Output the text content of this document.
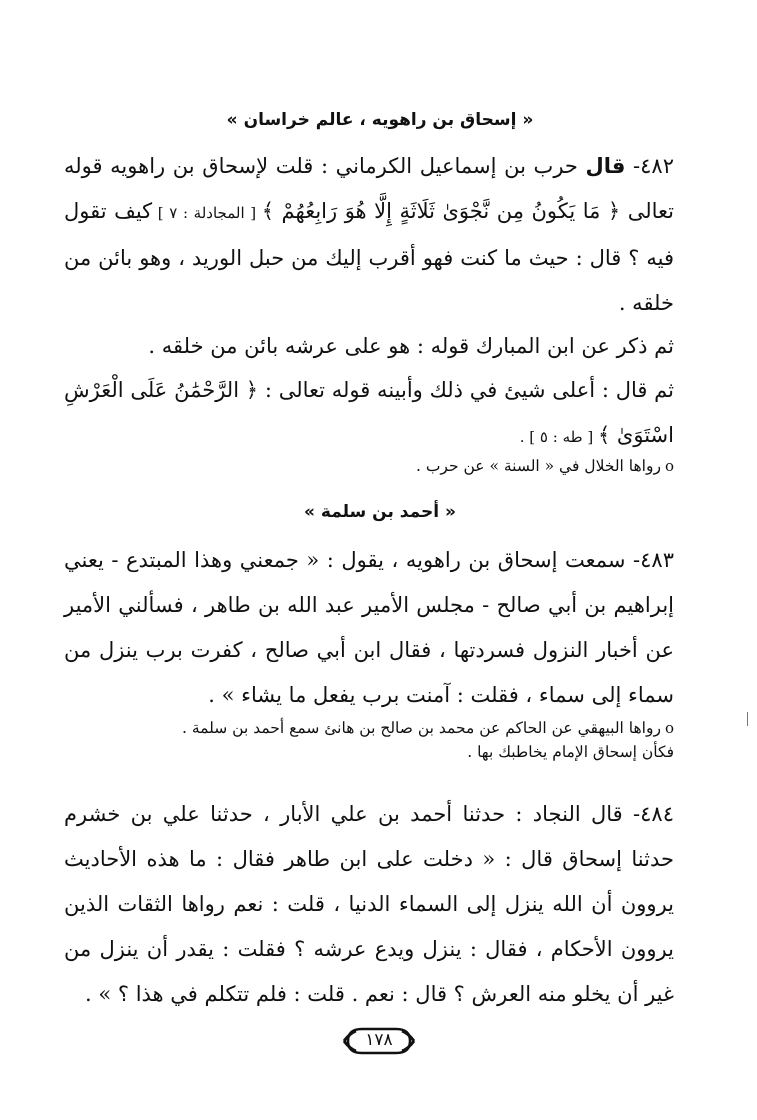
« إسحاق بن راهويه ، عالم خراسان »
٤٨٢- قال حرب بن إسماعيل الكرماني : قلت لإسحاق بن راهويه قوله تعالى ﴿ مَا يَكُونُ مِن نَّجْوَىٰ ثَلَاثَةٍ إِلَّا هُوَ رَابِعُهُمْ ﴾ [ المجادلة : ٧ ] كيف تقول فيه ؟ قال : حيث ما كنت فهو أقرب إليك من حبل الوريد ، وهو بائن من خلقه .
ثم ذكر عن ابن المبارك قوله : هو على عرشه بائن من خلقه .
ثم قال : أعلى شيئ في ذلك وأبينه قوله تعالى : ﴿ الرَّحْمَٰنُ عَلَى الْعَرْشِ اسْتَوَىٰ ﴾ [ طه : ٥ ] .
oرواها الخلال في « السنة » عن حرب .
« أحمد بن سلمة »
٤٨٣- سمعت إسحاق بن راهويه ، يقول : « جمعني وهذا المبتدع - يعني إبراهيم بن أبي صالح - مجلس الأمير عبد الله بن طاهر ، فسألني الأمير عن أخبار النزول فسردتها ، فقال ابن أبي صالح ، كفرت برب ينزل من سماء إلى سماء ، فقلت : آمنت برب يفعل ما يشاء » .
oرواها البيهقي عن الحاكم عن محمد بن صالح بن هانئ سمع أحمد بن سلمة .
فكأن إسحاق الإمام يخاطبك بها .
٤٨٤- قال النجاد : حدثنا أحمد بن علي الأبار ، حدثنا علي بن خشرم حدثنا إسحاق قال : « دخلت على ابن طاهر فقال : ما هذه الأحاديث يروون أن الله ينزل إلى السماء الدنيا ، قلت : نعم رواها الثقات الذين يروون الأحكام ، فقال : ينزل ويدع عرشه ؟ فقلت : يقدر أن ينزل من غير أن يخلو منه العرش ؟ قال : نعم . قلت : فلم تتكلم في هذا ؟ » .
١٧٨
